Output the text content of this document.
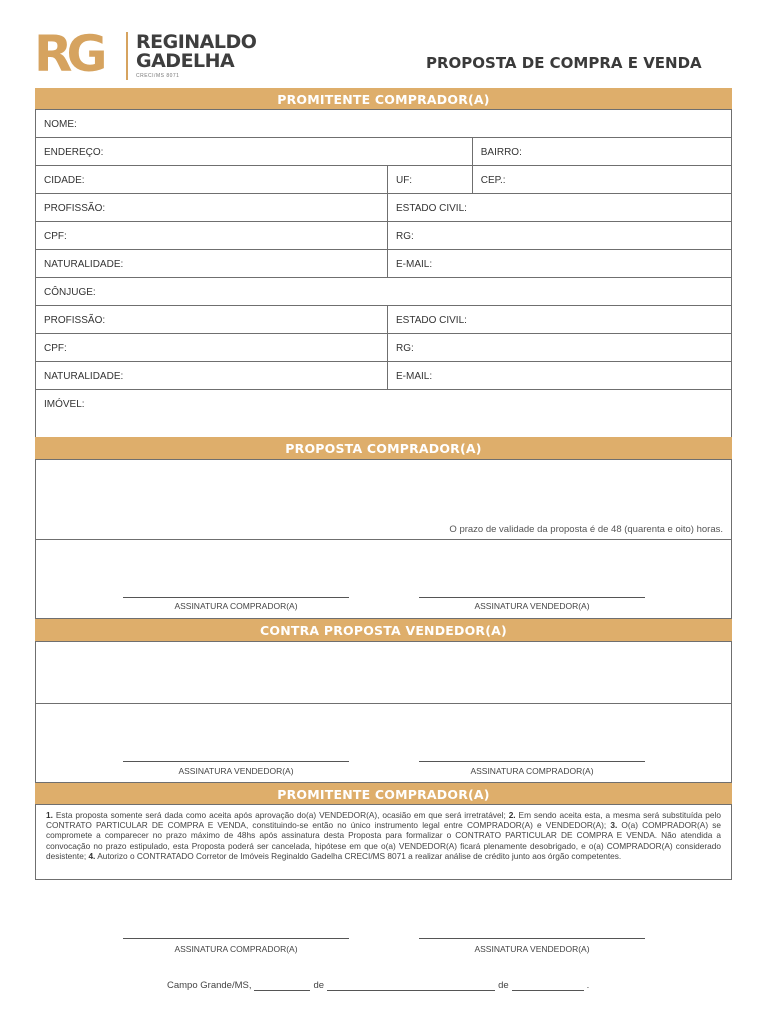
RG REGINALDO
GADELHA
CRECI/MS 8071
PROPOSTA DE COMPRA E VENDA
PROMITENTE COMPRADOR(A)
NOME:
ENDEREÇO:	BAIRRO:
CIDADE:	UF:	CEP.:
PROFISSÃO:	ESTADO CIVIL:
CPF:	RG:
NATURALIDADE:	E-MAIL:
CÔNJUGE:
PROFISSÃO:	ESTADO CIVIL:
CPF:	RG:
NATURALIDADE:	E-MAIL:
IMÓVEL:
PROPOSTA COMPRADOR(A)
O prazo de validade da proposta é de 48 (quarenta e oito) horas.
ASSINATURA COMPRADOR(A)	ASSINATURA VENDEDOR(A)
CONTRA PROPOSTA VENDEDOR(A)
ASSINATURA VENDEDOR(A)	ASSINATURA COMPRADOR(A)
PROMITENTE COMPRADOR(A)
1. Esta proposta somente será dada como aceita após aprovação do(a) VENDEDOR(A), ocasião em que será irretratável; 2. Em sendo aceita esta, a mesma será substituída pelo CONTRATO PARTICULAR DE COMPRA E VENDA, constituindo-se então no único instrumento legal entre COMPRADOR(A) e VENDEDOR(A); 3. O(a) COMPRADOR(A) se compromete a comparecer no prazo máximo de 48hs após assinatura desta Proposta para formalizar o CONTRATO PARTICULAR DE COMPRA E VENDA. Não atendida a convocação no prazo estipulado, esta Proposta poderá ser cancelada, hipótese em que o(a) VENDEDOR(A) ficará plenamente desobrigado, e o(a) COMPRADOR(A) considerado desistente; 4. Autorizo o CONTRATADO Corretor de Imóveis Reginaldo Gadelha CRECI/MS 8071 a realizar análise de crédito junto aos órgão competentes.
ASSINATURA COMPRADOR(A)	ASSINATURA VENDEDOR(A)
Campo Grande/MS,	de	de	.
